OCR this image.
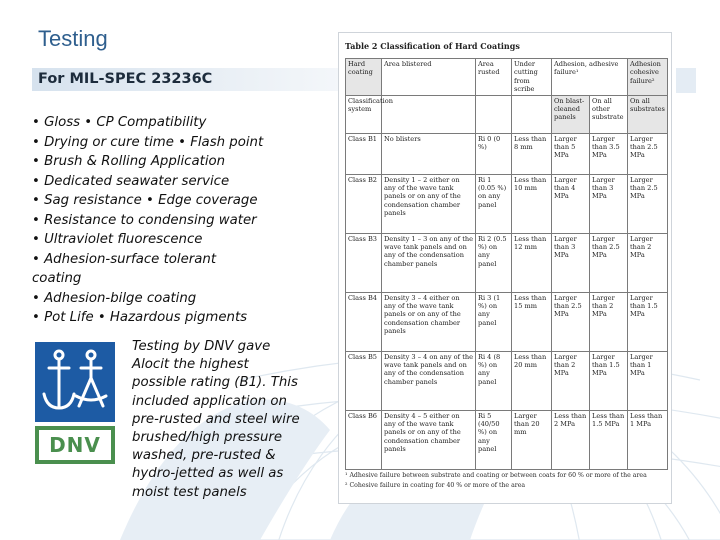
Testing
For MIL-SPEC 23236C
• Gloss • CP Compatibility
• Drying or cure time • Flash point
• Brush & Rolling Application
• Dedicated seawater service
• Sag resistance • Edge coverage
• Resistance to condensing water
• Ultraviolet fluorescence
• Adhesion-surface tolerant
coating
• Adhesion-bilge coating
• Pot Life • Hazardous pigments
DNV
Testing by DNV gave
Alocit the highest
possible rating (B1). This
included application on
pre-rusted and steel wire
brushed/high pressure
washed, pre-rusted &
hydro-jetted as well as
moist test panels
Table 2 Classification of Hard Coatings
Hard coating	Area blistered	Area rusted	Under cutting from scribe	Adhesion, adhesive failure¹		Adhesion cohesive failure²
Classification system				On blast-cleaned panels	On all other substrate	On all substrates
Class B1	No blisters	Ri 0 (0 %)	Less than 8 mm	Larger than 5 MPa	Larger than 3.5 MPa	Larger than 2.5 MPa
Class B2	Density 1 – 2 either on any of the wave tank panels or on any of the condensation chamber panels	Ri 1 (0.05 %) on any panel	Less than 10 mm	Larger than 4 MPa	Larger than 3 MPa	Larger than 2.5 MPa
Class B3	Density 1 – 3 on any of the wave tank panels and on any of the condensation chamber panels	Ri 2 (0.5 %) on any panel	Less than 12 mm	Larger than 3 MPa	Larger than 2.5 MPa	Larger than 2 MPa
Class B4	Density 3 – 4 either on any of the wave tank panels or on any of the condensation chamber panels	Ri 3 (1 %) on any panel	Less than 15 mm	Larger than 2.5 MPa	Larger than 2 MPa	Larger than 1.5 MPa
Class B5	Density 3 – 4 on any of the wave tank panels and on any of the condensation chamber panels	Ri 4 (8 %) on any panel	Less than 20 mm	Larger than 2 MPa	Larger than 1.5 MPa	Larger than 1 MPa
Class B6	Density 4 – 5 either on any of the wave tank panels or on any of the condensation chamber panels	Ri 5 (40/50 %) on any panel	Larger than 20 mm	Less than 2 MPa	Less than 1.5 MPa	Less than 1 MPa
¹ Adhesive failure between substrate and coating or between coats for 60 % or more of the area
² Cohesive failure in coating for 40 % or more of the area
